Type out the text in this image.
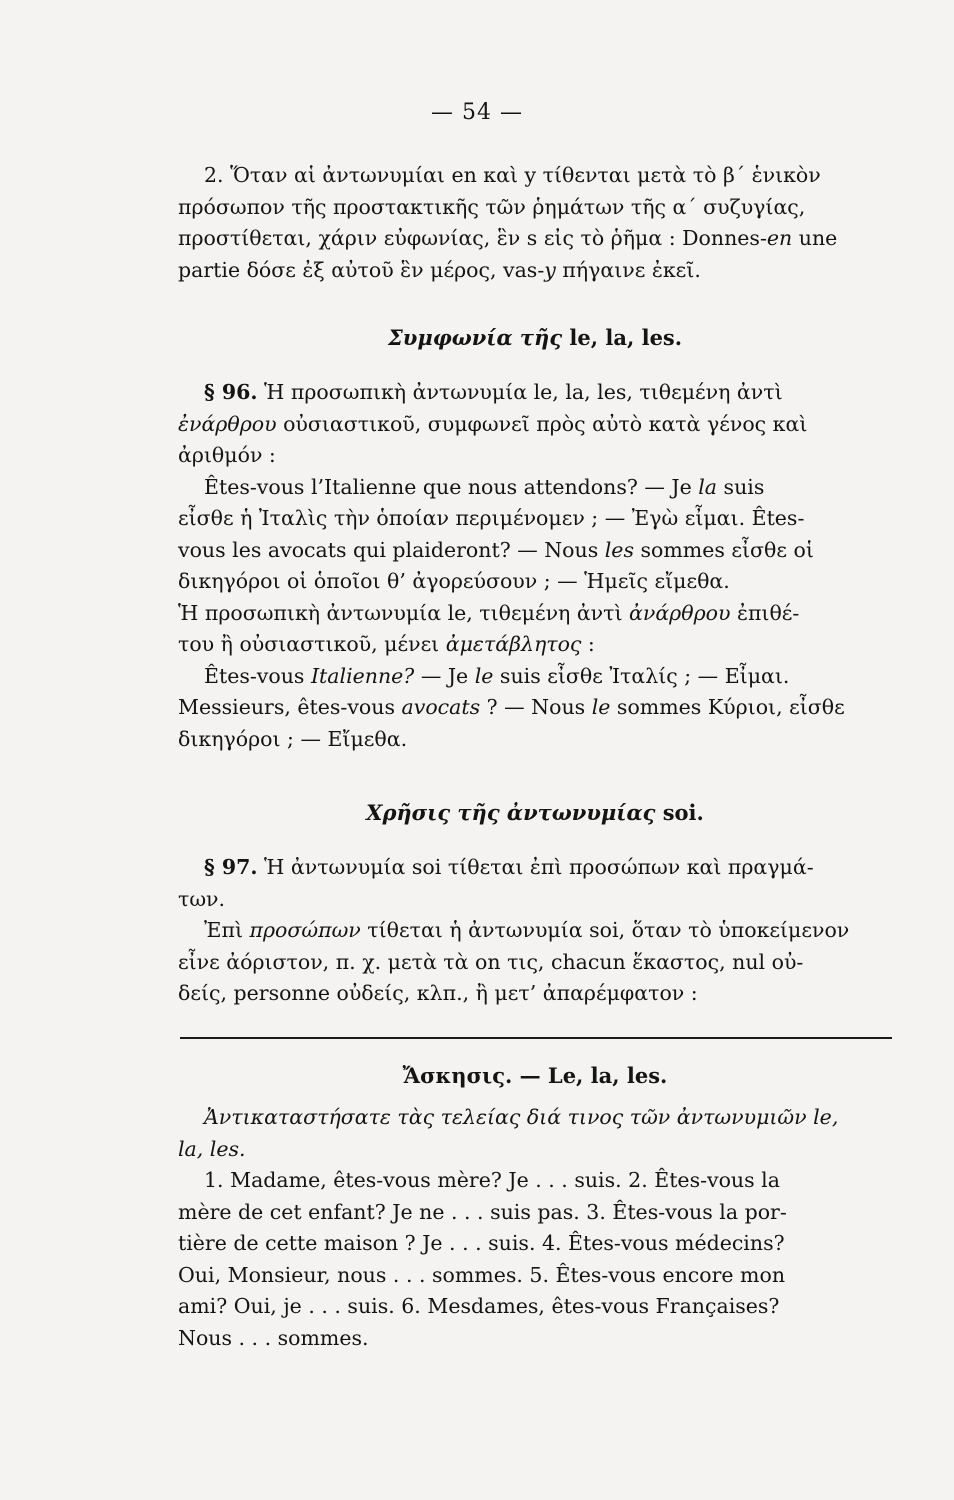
— 54 —

2. Ὅταν αἱ ἀντωνυμίαι en καὶ y τίθενται μετὰ τὸ β΄ ἑνικὸν

πρόσωπον τῆς προστακτικῆς τῶν ῥημάτων τῆς α΄ συζυγίας,

προστίθεται, χάριν εὐφωνίας, ἓν s εἰς τὸ ῥῆμα : Donnes-en une

partie δόσε ἐξ αὐτοῦ ἓν μέρος, vas-y πήγαινε ἐκεῖ.

Συμφωνία τῆς le, la, les.

§ 96. Ἡ προσωπικὴ ἀντωνυμία le, la, les, τιθεμένη ἀντὶ

ἐνάρθρου οὐσιαστικοῦ, συμφωνεῖ πρὸς αὐτὸ κατὰ γένος καὶ

ἀριθμόν :

Êtes-vous l’Italienne que nous attendons? — Je la suis

εἶσθε ἡ Ἰταλὶς τὴν ὁποίαν περιμένομεν ; — Ἐγὼ εἶμαι. Êtes-

vous les avocats qui plaideront? — Nous les sommes εἶσθε οἱ

δικηγόροι οἱ ὁποῖοι θ’ ἀγορεύσουν ; — Ἡμεῖς εἴμεθα.

Ἡ προσωπικὴ ἀντωνυμία le, τιθεμένη ἀντὶ ἀνάρθρου ἐπιθέ-

του ἢ οὐσιαστικοῦ, μένει ἀμετάβλητος :

Êtes-vous Italienne? — Je le suis εἶσθε Ἰταλίς ; — Εἶμαι.

Messieurs, êtes-vous avocats ? — Nous le sommes Κύριοι, εἶσθε

δικηγόροι ; — Εἴμεθα.

Χρῆσις τῆς ἀντωνυμίας soi.

§ 97. Ἡ ἀντωνυμία soi τίθεται ἐπὶ προσώπων καὶ πραγμά-

των.

Ἐπὶ προσώπων τίθεται ἡ ἀντωνυμία soi, ὅταν τὸ ὑποκείμενον

εἶνε ἀόριστον, π. χ. μετὰ τὰ on τις, chacun ἕκαστος, nul οὐ-

δείς, personne οὐδείς, κλπ., ἢ μετ’ ἀπαρέμφατον :

Ἄσκησις. — Le, la, les.

Ἀντικαταστήσατε τὰς τελείας διά τινος τῶν ἀντωνυμιῶν le,

la, les.

1. Madame, êtes-vous mère? Je . . . suis. 2. Êtes-vous la

mère de cet enfant? Je ne . . . suis pas. 3. Êtes-vous la por-

tière de cette maison ? Je . . . suis. 4. Êtes-vous médecins?

Oui, Monsieur, nous . . . sommes. 5. Êtes-vous encore mon

ami? Oui, je . . . suis. 6. Mesdames, êtes-vous Françaises?

Nous . . . sommes.
